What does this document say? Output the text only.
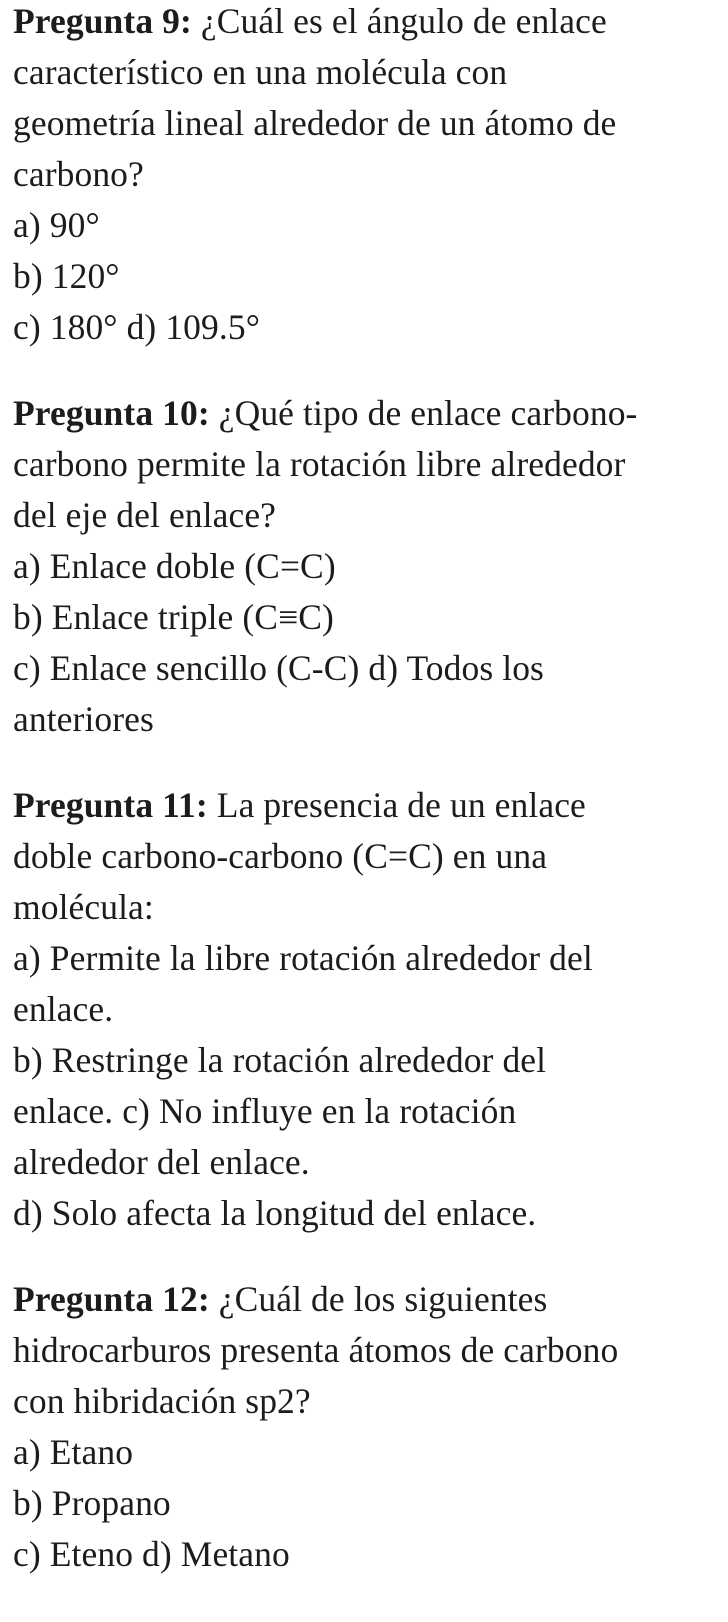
Pregunta 9: ¿Cuál es el ángulo de enlace
característico en una molécula con
geometría lineal alrededor de un átomo de
carbono?
a) 90°
b) 120°
c) 180° d) 109.5°
Pregunta 10: ¿Qué tipo de enlace carbono-
carbono permite la rotación libre alrededor
del eje del enlace?
a) Enlace doble (C=C)
b) Enlace triple (C≡C)
c) Enlace sencillo (C-C) d) Todos los
anteriores
Pregunta 11: La presencia de un enlace
doble carbono-carbono (C=C) en una
molécula:
a) Permite la libre rotación alrededor del
enlace.
b) Restringe la rotación alrededor del
enlace. c) No influye en la rotación
alrededor del enlace.
d) Solo afecta la longitud del enlace.
Pregunta 12: ¿Cuál de los siguientes
hidrocarburos presenta átomos de carbono
con hibridación sp2?
a) Etano
b) Propano
c) Eteno d) Metano
